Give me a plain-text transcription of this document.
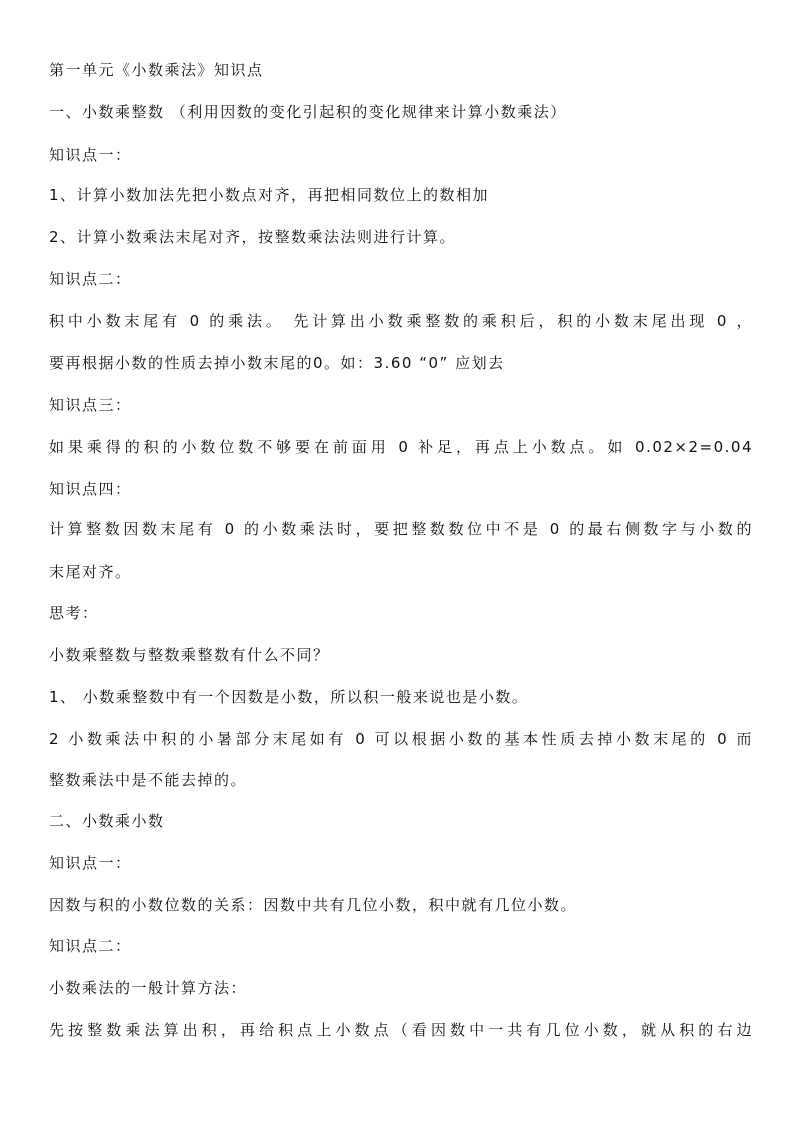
第一单元《小数乘法》知识点
一、小数乘整数 （利用因数的变化引起积的变化规律来计算小数乘法）
知识点一：
1、计算小数加法先把小数点对齐，再把相同数位上的数相加
2、计算小数乘法末尾对齐，按整数乘法法则进行计算。
知识点二：
积中小数末尾有 0 的乘法。 先计算出小数乘整数的乘积后，积的小数末尾出现 0 ，
要再根据小数的性质去掉小数末尾的0。如：3.60 “0” 应划去
知识点三：
如果乘得的积的小数位数不够要在前面用 0 补足，再点上小数点。如 0.02×2=0.04
知识点四：
计算整数因数末尾有 0 的小数乘法时，要把整数数位中不是 0 的最右侧数字与小数的
末尾对齐。
思考：
小数乘整数与整数乘整数有什么不同？
1、 小数乘整数中有一个因数是小数，所以积一般来说也是小数。
2 小数乘法中积的小暑部分末尾如有 0 可以根据小数的基本性质去掉小数末尾的 0 而
整数乘法中是不能去掉的。
二、小数乘小数
知识点一：
因数与积的小数位数的关系：因数中共有几位小数，积中就有几位小数。
知识点二：
小数乘法的一般计算方法：
先按整数乘法算出积，再给积点上小数点（看因数中一共有几位小数，就从积的右边
